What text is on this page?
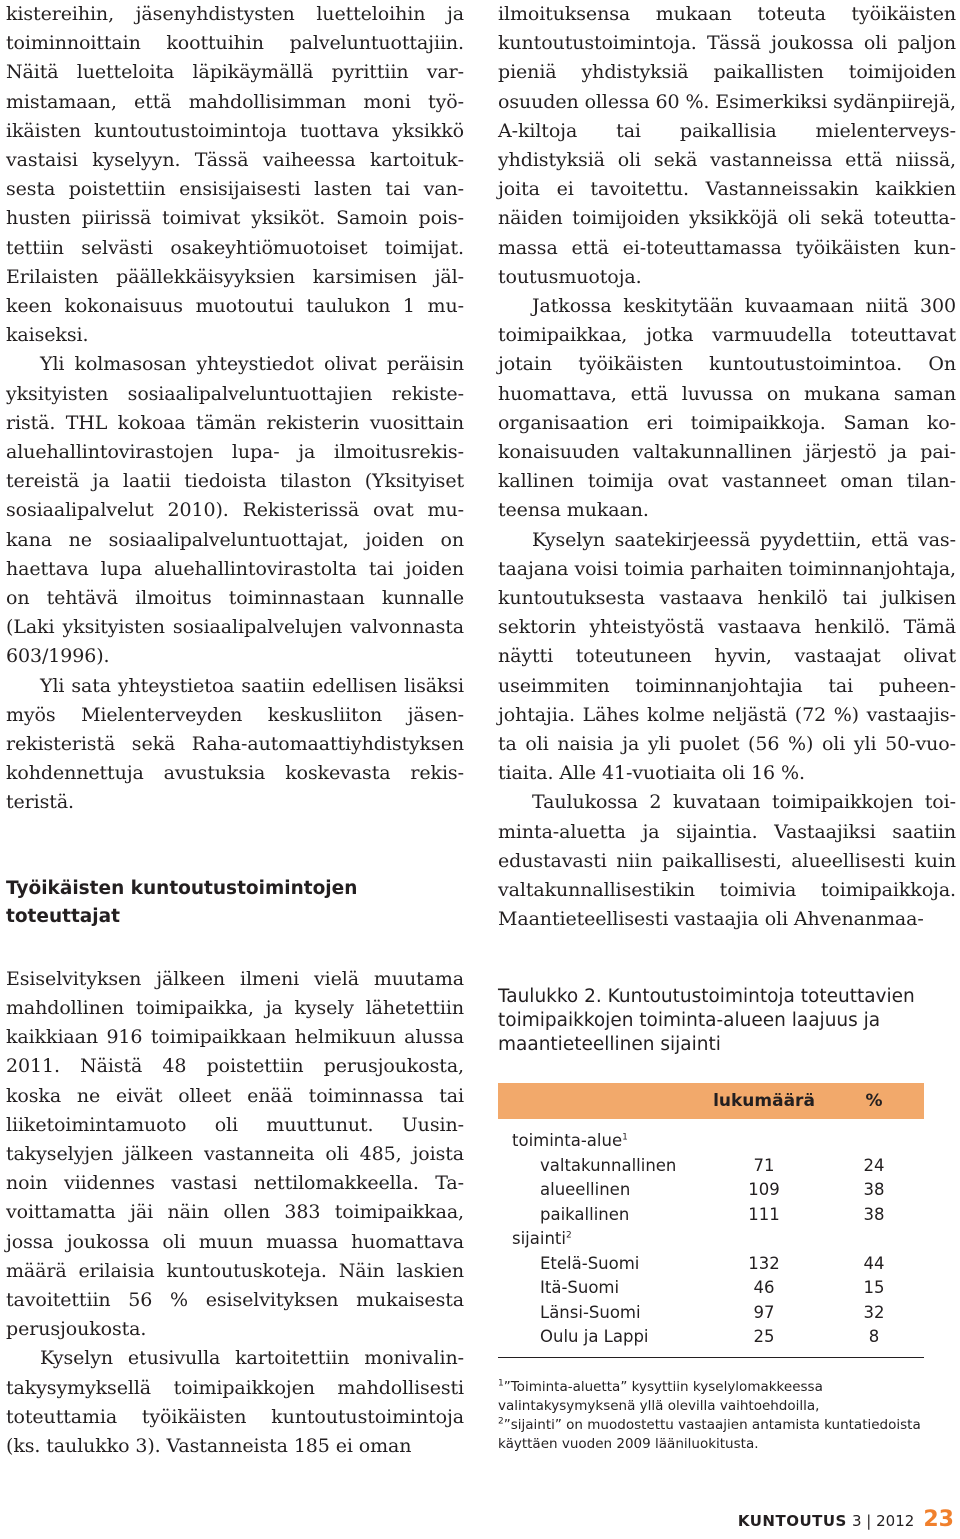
kistereihin, jäsenyhdistysten luetteloihin ja toiminnoittain koottuihin palveluntuottajiin. Näitä luetteloita läpikäymällä pyrittiin varmistamaan, että mahdollisimman moni työikäisten kuntoutustoimintoja tuottava yksikkö vastaisi kyselyyn. Tässä vaiheessa kartoituksesta poistettiin ensisijaisesti lasten tai vanhusten piirissä toimivat yksiköt. Samoin poistettiin selvästi osakeyhtiömuotoiset toimijat. Erilaisten päällekkäisyyksien karsimisen jälkeen kokonaisuus muotoutui taulukon 1 mukaiseksi.

Yli kolmasosan yhteystiedot olivat peräisin yksityisten sosiaalipalveluntuottajien rekisteristä. THL kokoaa tämän rekisterin vuosittain aluehallintovirastojen lupa- ja ilmoitusrekistereistä ja laatii tiedoista tilaston (Yksityiset sosiaalipalvelut 2010). Rekisterissä ovat mukana ne sosiaalipalveluntuottajat, joiden on haettava lupa aluehallintovirastolta tai joiden on tehtävä ilmoitus toiminnastaan kunnalle (Laki yksityisten sosiaalipalvelujen valvonnasta 603/1996).

Yli sata yhteystietoa saatiin edellisen lisäksi myös Mielenterveyden keskusliiton jäsenrekisteristä sekä Raha-automaattiyhdistyksen kohdennettuja avustuksia koskevasta rekisteristä.

Työikäisten kuntoutustoimintojen toteuttajat

Esiselvityksen jälkeen ilmeni vielä muutama mahdollinen toimipaikka, ja kysely lähetettiin kaikkiaan 916 toimipaikkaan helmikuun alussa 2011. Näistä 48 poistettiin perusjoukosta, koska ne eivät olleet enää toiminnassa tai liiketoimintamuoto oli muuttunut. Uusintakyselyjen jälkeen vastanneita oli 485, joista noin viidennes vastasi nettilomakkeella. Tavoittamatta jäi näin ollen 383 toimipaikkaa, jossa joukossa oli muun muassa huomattava määrä erilaisia kuntoutuskoteja. Näin laskien tavoitettiin 56 % esiselvityksen mukaisesta perusjoukosta.

Kyselyn etusivulla kartoitettiin monivalintakysymyksellä toimipaikkojen mahdollisesti toteuttamia työikäisten kuntoutustoimintoja (ks. taulukko 3). Vastanneista 185 ei oman

ilmoituksensa mukaan toteuta työikäisten kuntoutustoimintoja. Tässä joukossa oli paljon pieniä yhdistyksiä paikallisten toimijoiden osuuden ollessa 60 %. Esimerkiksi sydänpiirejä, A-kiltoja tai paikallisia mielenterveysyhdistyksiä oli sekä vastanneissa että niissä, joita ei tavoitettu. Vastanneissakin kaikkien näiden toimijoiden yksikköjä oli sekä toteuttamassa että ei-toteuttamassa työikäisten kuntoutusmuotoja.

Jatkossa keskitytään kuvaamaan niitä 300 toimipaikkaa, jotka varmuudella toteuttavat jotain työikäisten kuntoutustoimintoa. On huomattava, että luvussa on mukana saman organisaation eri toimipaikkoja. Saman kokonaisuuden valtakunnallinen järjestö ja paikallinen toimija ovat vastanneet oman tilanteensa mukaan.

Kyselyn saatekirjeessä pyydettiin, että vastaajana voisi toimia parhaiten toiminnanjohtaja, kuntoutuksesta vastaava henkilö tai julkisen sektorin yhteistyöstä vastaava henkilö. Tämä näytti toteutuneen hyvin, vastaajat olivat useimmiten toiminnanjohtajia tai puheenjohtajia. Lähes kolme neljästä (72 %) vastaajista oli naisia ja yli puolet (56 %) oli yli 50-vuotiaita. Alle 41-vuotiaita oli 16 %.

Taulukossa 2 kuvataan toimipaikkojen toiminta-aluetta ja sijaintia. Vastaajiksi saatiin edustavasti niin paikallisesti, alueellisesti kuin valtakunnallisestikin toimivia toimipaikkoja. Maantieteellisesti vastaajia oli Ahvenanmaa-

Taulukko 2. Kuntoutustoimintoja toteuttavien toimipaikkojen toiminta-alueen laajuus ja maantieteellinen sijainti

	lukumäärä	%
toiminta-alue$^1$
valtakunnallinen	71	24
alueellinen	109	38
paikallinen	111	38
sijainti$^2$
Etelä-Suomi	132	44
Itä-Suomi	46	15
Länsi-Suomi	97	32
Oulu ja Lappi	25	8

$^1$”Toiminta-aluetta” kysyttiin kyselylomakkeessa valintakysymyksenä yllä olevilla vaihtoehdoilla,

$^2$”sijainti” on muodostettu vastaajien antamista kuntatiedoista käyttäen vuoden 2009 lääniluokitusta.

KUNTOUTUS 3 | 2012 23
